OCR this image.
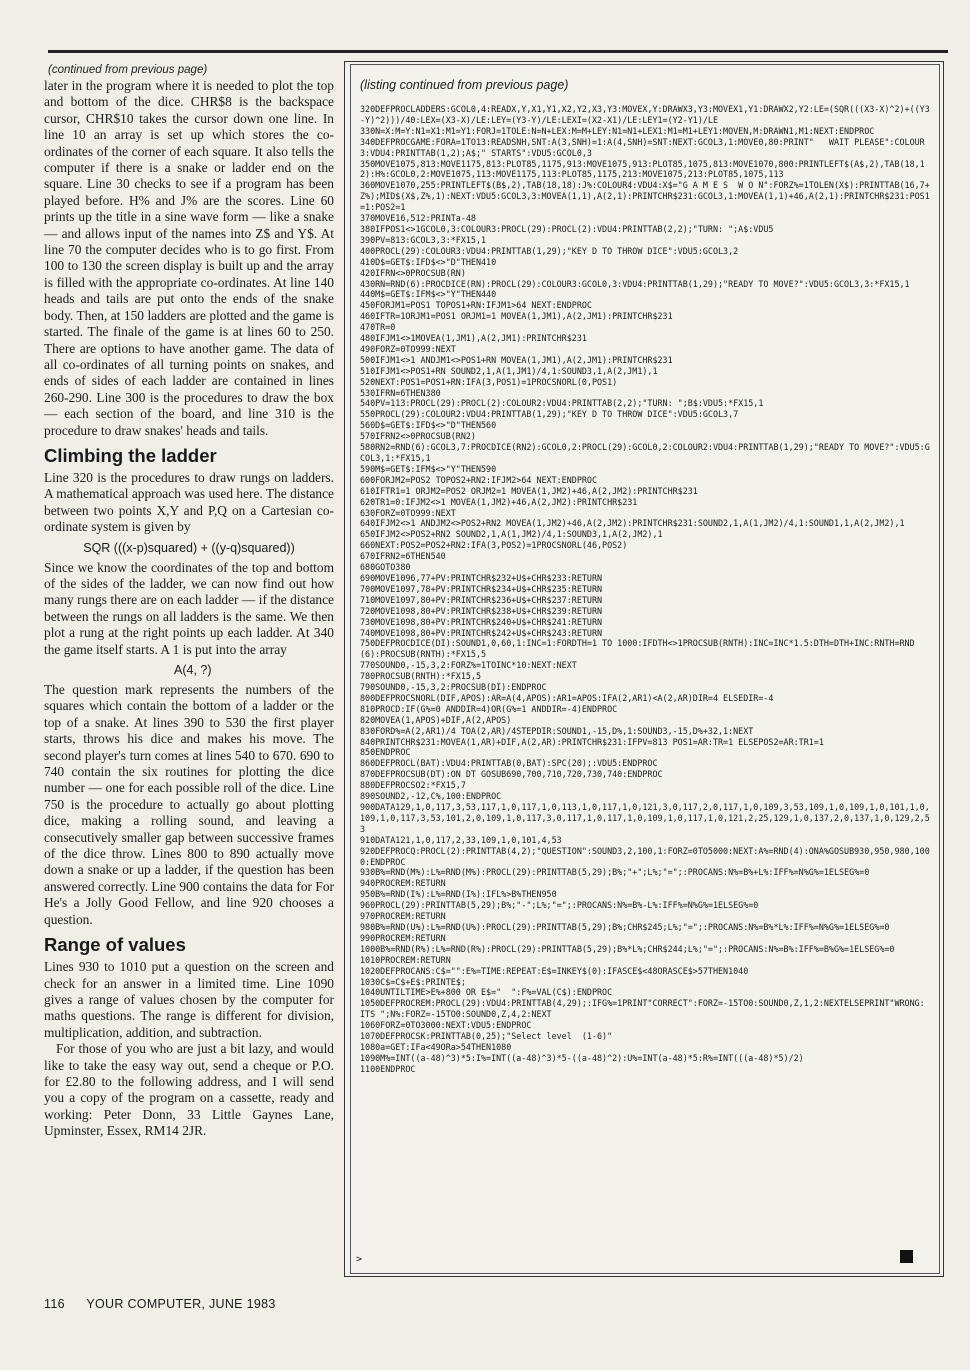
(continued from previous page)

later in the program where it is needed to plot the top and bottom of the dice. CHR$8 is the backspace cursor, CHR$10 takes the cursor down one line. In line 10 an array is set up which stores the co-ordinates of the corner of each square. It also tells the computer if there is a snake or ladder end on the square. Line 30 checks to see if a program has been played before. H% and J% are the scores. Line 60 prints up the title in a sine wave form — like a snake — and allows input of the names into Z$ and Y$. At line 70 the computer decides who is to go first. From 100 to 130 the screen display is built up and the array is filled with the appropriate co-ordinates. At line 140 heads and tails are put onto the ends of the snake body. Then, at 150 ladders are plotted and the game is started. The finale of the game is at lines 60 to 250. There are options to have another game. The data of all co-ordinates of all turning points on snakes, and ends of sides of each ladder are contained in lines 260-290. Line 300 is the procedures to draw the box — each section of the board, and line 310 is the procedure to draw snakes' heads and tails.

Climbing the ladder

Line 320 is the procedures to draw rungs on ladders. A mathematical approach was used here. The distance between two points X,Y and P,Q on a Cartesian co-ordinate system is given by

SQR (((x-p)squared) + ((y-q)squared))

Since we know the coordinates of the top and bottom of the sides of the ladder, we can now find out how many rungs there are on each ladder — if the distance between the rungs on all ladders is the same. We then plot a rung at the right points up each ladder. At 340 the game itself starts. A 1 is put into the array

A(4, ?)

The question mark represents the numbers of the squares which contain the bottom of a ladder or the top of a snake. At lines 390 to 530 the first player starts, throws his dice and makes his move. The second player's turn comes at lines 540 to 670. 690 to 740 contain the six routines for plotting the dice number — one for each possible roll of the dice. Line 750 is the procedure to actually go about plotting dice, making a rolling sound, and leaving a consecutively smaller gap between successive frames of the dice throw. Lines 800 to 890 actually move down a snake or up a ladder, if the question has been answered correctly. Line 900 contains the data for For He's a Jolly Good Fellow, and line 920 chooses a question.

Range of values

Lines 930 to 1010 put a question on the screen and check for an answer in a limited time. Line 1090 gives a range of values chosen by the computer for maths questions. The range is different for division, multiplication, addition, and subtraction.

For those of you who are just a bit lazy, and would like to take the easy way out, send a cheque or P.O. for £2.80 to the following address, and I will send you a copy of the program on a cassette, ready and working: Peter Donn, 33 Little Gaynes Lane, Upminster, Essex, RM14 2JR.

(listing continued from previous page)

320DEFPROCLADDERS:GCOL0,4:READX,Y,X1,Y1,X2,Y2,X3,Y3:MOVEX,Y:DRAWX3,Y3:MOVEX1,Y1:DRAWX2,Y2:LE=(SQR(((X3-X)^2)+((Y3-Y)^2)))/40:LEX=(X3-X)/LE:LEY=(Y3-Y)/LE:LEXI=(X2-X1)/LE:LEY1=(Y2-Y1)/LE

330N=X:M=Y:N1=X1:M1=Y1:FORJ=1TOLE:N=N+LEX:M=M+LEY:N1=N1+LEX1:M1=M1+LEY1:MOVEN,M:DRAWN1,M1:NEXT:ENDPROC

340DEFPROCGAME:FORA=1TO13:READSNH,SNT:A(3,SNH)=1:A(4,SNH)=SNT:NEXT:GCOL3,1:MOVE0,80:PRINT"   WAIT PLEASE":COLOUR3:VDU4:PRINTTAB(1,2);A$;" STARTS":VDU5:GCOL0,3

350MOVE1075,813:MOVE1175,813:PLOT85,1175,913:MOVE1075,913:PLOT85,1075,813:MOVE1070,800:PRINTLEFT$(A$,2),TAB(18,12):H%:GCOL0,2:MOVE1075,113:MOVE1175,113:PLOT85,1175,213:MOVE1075,213:PLOT85,1075,113

360MOVE1070,255:PRINTLEFT$(B$,2),TAB(18,18):J%:COLOUR4:VDU4:X$="G A M E S  W O N":FORZ%=1TOLEN(X$):PRINTTAB(16,7+Z%);MID$(X$,Z%,1):NEXT:VDU5:GCOL3,3:MOVEA(1,1),A(2,1):PRINTCHR$231:GCOL3,1:MOVEA(1,1)+46,A(2,1):PRINTCHR$231:POS1=1:POS2=1

370MOVE16,512:PRINTa-48

380IFPOS1<>1GCOL0,3:COLOUR3:PROCL(29):PROCL(2):VDU4:PRINTTAB(2,2);"TURN: ";A$:VDU5

390PV=813:GCOL3,3:*FX15,1

400PROCL(29):COLOUR3:VDU4:PRINTTAB(1,29);"KEY D TO THROW DICE":VDU5:GCOL3,2

410D$=GET$:IFD$<>"D"THEN410

420IFRN<>0PROCSUB(RN)

430RN=RND(6):PROCDICE(RN):PROCL(29):COLOUR3:GCOL0,3:VDU4:PRINTTAB(1,29);"READY TO MOVE?":VDU5:GCOL3,3:*FX15,1

440M$=GET$:IFM$<>"Y"THEN440

450FORJM1=POS1 TOPOS1+RN:IFJM1>64 NEXT:ENDPROC

460IFTR=1ORJM1=POS1 ORJM1=1 MOVEA(1,JM1),A(2,JM1):PRINTCHR$231

470TR=0

480IFJM1<>1MOVEA(1,JM1),A(2,JM1):PRINTCHR$231

490FORZ=0TO999:NEXT

500IFJM1<>1 ANDJM1<>POS1+RN MOVEA(1,JM1),A(2,JM1):PRINTCHR$231

510IFJM1<>POS1+RN SOUND2,1,A(1,JM1)/4,1:SOUND3,1,A(2,JM1),1

520NEXT:POS1=POS1+RN:IFA(3,POS1)=1PROCSNORL(0,POS1)

530IFRN=6THEN380

540PV=113:PROCL(29):PROCL(2):COLOUR2:VDU4:PRINTTAB(2,2);"TURN: ";B$:VDU5:*FX15,1

550PROCL(29):COLOUR2:VDU4:PRINTTAB(1,29);"KEY D TO THROW DICE":VDU5:GCOL3,7

560D$=GET$:IFD$<>"D"THEN560

570IFRN2<>0PROCSUB(RN2)

580RN2=RND(6):GCOL3,7:PROCDICE(RN2):GCOL0,2:PROCL(29):GCOL0,2:COLOUR2:VDU4:PRINTTAB(1,29);"READY TO MOVE?":VDU5:GCOL3,1:*FX15,1

590M$=GET$:IFM$<>"Y"THEN590

600FORJM2=POS2 TOPOS2+RN2:IFJM2>64 NEXT:ENDPROC

610IFTR1=1 ORJM2=POS2 ORJM2=1 MOVEA(1,JM2)+46,A(2,JM2):PRINTCHR$231

620TR1=0:IFJM2<>1 MOVEA(1,JM2)+46,A(2,JM2):PRINTCHR$231

630FORZ=0TO999:NEXT

640IFJM2<>1 ANDJM2<>POS2+RN2 MOVEA(1,JM2)+46,A(2,JM2):PRINTCHR$231:SOUND2,1,A(1,JM2)/4,1:SOUND1,1,A(2,JM2),1

650IFJM2<>POS2+RN2 SOUND2,1,A(1,JM2)/4,1:SOUND3,1,A(2,JM2),1

660NEXT:POS2=POS2+RN2:IFA(3,POS2)=1PROCSNORL(46,POS2)

670IFRN2=6THEN540

680GOTO380

690MOVE1096,77+PV:PRINTCHR$232+U$+CHR$233:RETURN

700MOVE1097,78+PV:PRINTCHR$234+U$+CHR$235:RETURN

710MOVE1097,80+PV:PRINTCHR$236+U$+CHR$237:RETURN

720MOVE1098,80+PV:PRINTCHR$238+U$+CHR$239:RETURN

730MOVE1098,80+PV:PRINTCHR$240+U$+CHR$241:RETURN

740MOVE1098,80+PV:PRINTCHR$242+U$+CHR$243:RETURN

750DEFPROCDICE(DI):SOUND1,0,60,1:INC=1:FORDTH=1 TO 1000:IFDTH<>1PROCSUB(RNTH):INC=INC*1.5:DTH=DTH+INC:RNTH=RND(6):PROCSUB(RNTH):*FX15,5

770SOUND0,-15,3,2:FORZ%=1TOINC*10:NEXT:NEXT

780PROCSUB(RNTH):*FX15,5

790SOUND0,-15,3,2:PROCSUB(DI):ENDPROC

800DEFPROCSNORL(DIF,APOS):AR=A(4,APOS):AR1=APOS:IFA(2,AR1)<A(2,AR)DIR=4 ELSEDIR=-4

810PROCD:IF(G%=0 ANDDIR=4)OR(G%=1 ANDDIR=-4)ENDPROC

820MOVEA(1,APOS)+DIF,A(2,APOS)

830FORD%=A(2,AR1)/4 TOA(2,AR)/4STEPDIR:SOUND1,-15,D%,1:SOUND3,-15,D%+32,1:NEXT

840PRINTCHR$231:MOVEA(1,AR)+DIF,A(2,AR):PRINTCHR$231:IFPV=813 POS1=AR:TR=1 ELSEPOS2=AR:TR1=1

850ENDPROC

860DEFPROCL(BAT):VDU4:PRINTTAB(0,BAT):SPC(20);:VDU5:ENDPROC

870DEFPROCSUB(DT):ON DT GOSUB690,700,710,720,730,740:ENDPROC

880DEFPROCSO2:*FX15,7

890SOUND2,-12,C%,100:ENDPROC

900DATA129,1,0,117,3,53,117,1,0,117,1,0,113,1,0,117,1,0,121,3,0,117,2,0,117,1,0,109,3,53,109,1,0,109,1,0,101,1,0,109,1,0,117,3,53,101,2,0,109,1,0,117,3,0,117,1,0,117,1,0,109,1,0,117,1,0,121,2,25,129,1,0,137,2,0,137,1,0,129,2,53

910DATA121,1,0,117,2,33,109,1,0,101,4,53

920DEFPROCQ:PROCL(2):PRINTTAB(4,2);"QUESTION":SOUND3,2,100,1:FORZ=0TO5000:NEXT:A%=RND(4):ONA%GOSUB930,950,980,1000:ENDPROC

930B%=RND(M%):L%=RND(M%):PROCL(29):PRINTTAB(5,29);B%;"+";L%;"=";:PROCANS:N%=B%+L%:IFF%=N%G%=1ELSEG%=0

940PROCREM:RETURN

950B%=RND(I%):L%=RND(I%):IFL%>B%THEN950

960PROCL(29):PRINTTAB(5,29);B%;"-";L%;"=";:PROCANS:N%=B%-L%:IFF%=N%G%=1ELSEG%=0

970PROCREM:RETURN

980B%=RND(U%):L%=RND(U%):PROCL(29):PRINTTAB(5,29);B%;CHR$245;L%;"=";:PROCANS:N%=B%*L%:IFF%=N%G%=1ELSEG%=0

990PROCREM:RETURN

1000B%=RND(R%):L%=RND(R%):PROCL(29):PRINTTAB(5,29);B%*L%;CHR$244;L%;"=";:PROCANS:N%=B%:IFF%=B%G%=1ELSEG%=0

1010PROCREM:RETURN

1020DEFPROCANS:C$="":E%=TIME:REPEAT:E$=INKEY$(0):IFASCE$<48ORASCE$>57THEN1040

1030C$=C$+E$:PRINTE$;

1040UNTILTIME>E%+800 OR E$="  ":F%=VAL(C$):ENDPROC

1050DEFPROCREM:PROCL(29):VDU4:PRINTTAB(4,29);:IFG%=1PRINT"CORRECT":FORZ=-15TO0:SOUND0,Z,1,2:NEXTELSEPRINT"WRONG: ITS ";N%:FORZ=-15TO0:SOUND0,Z,4,2:NEXT

1060FORZ=0TO3000:NEXT:VDU5:ENDPROC

1070DEFPROCSK:PRINTTAB(0,25);"Select level  (1-6)"

1080a=GET:IFa<49ORa>54THEN1080

1090M%=INT((a-48)^3)*5:I%=INT((a-48)^3)*5-((a-48)^2):U%=INT(a-48)*5:R%=INT(((a-48)*5)/2)

1100ENDPROC

>
116 YOUR COMPUTER, JUNE 1983
